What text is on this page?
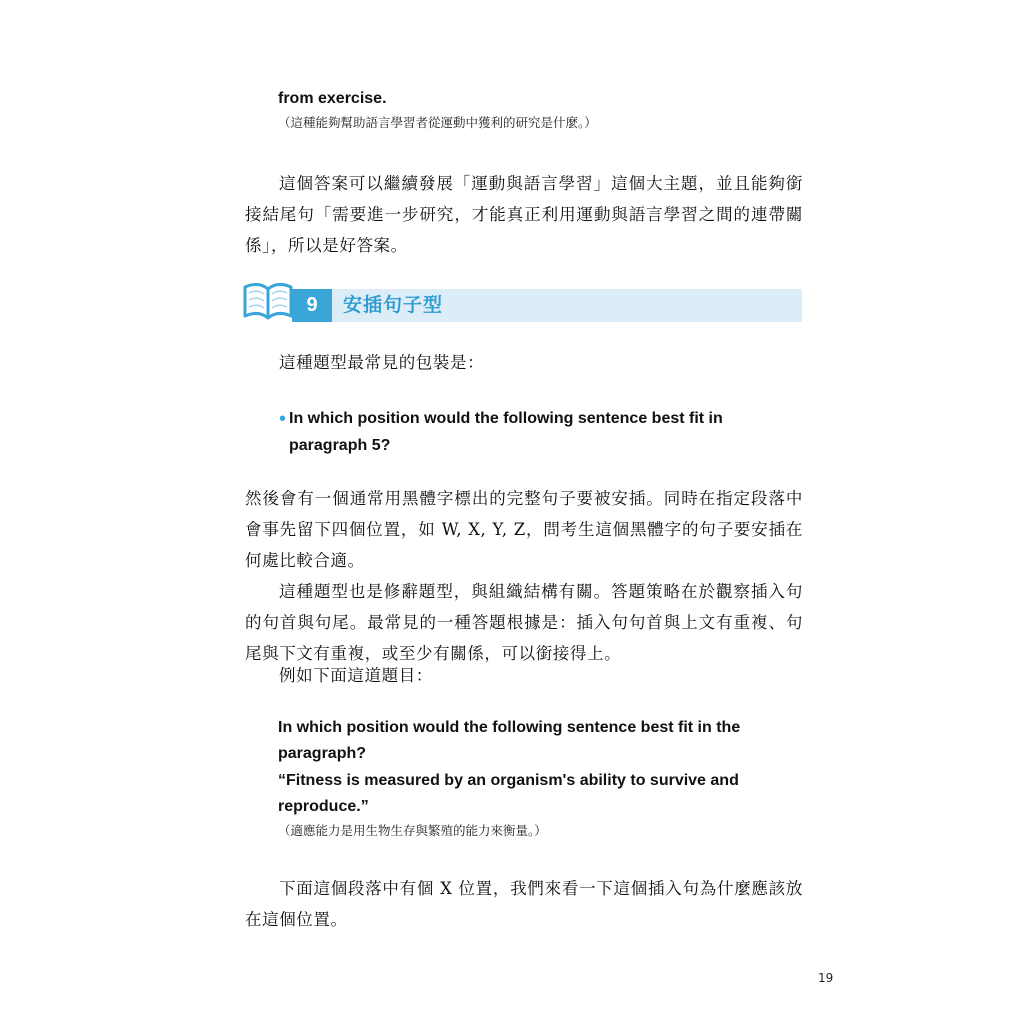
from exercise.

（這種能夠幫助語言學習者從運動中獲利的研究是什麼。）

這個答案可以繼續發展「運動與語言學習」這個大主題，並且能夠銜接結尾句「需要進一步研究，才能真正利用運動與語言學習之間的連帶關係」，所以是好答案。

9	安插句子型

這種題型最常見的包裝是：

• In which position would the following sentence best fit in

paragraph 5?

然後會有一個通常用黑體字標出的完整句子要被安插。同時在指定段落中會事先留下四個位置，如 W, X, Y, Z，問考生這個黑體字的句子要安插在何處比較合適。

這種題型也是修辭題型，與組織結構有關。答題策略在於觀察插入句的句首與句尾。最常見的一種答題根據是：插入句句首與上文有重複、句尾與下文有重複，或至少有關係，可以銜接得上。

例如下面這道題目：

In which position would the following sentence best fit in the

paragraph?

“Fitness is measured by an organism's ability to survive and

reproduce.”

（適應能力是用生物生存與繁殖的能力來衡量。）

下面這個段落中有個 X 位置，我們來看一下這個插入句為什麼應該放在這個位置。

19
